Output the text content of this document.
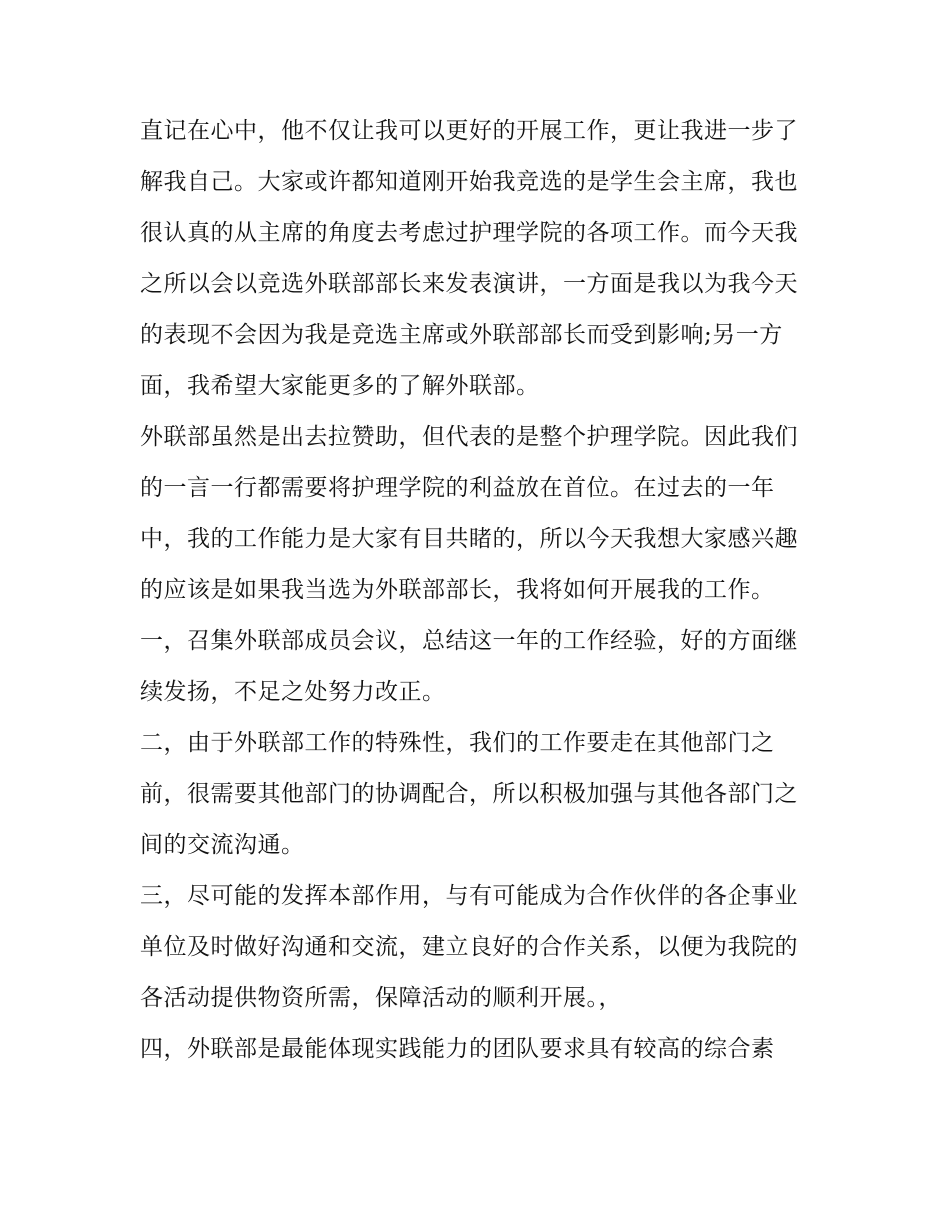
直记在心中，他不仅让我可以更好的开展工作，更让我进一步了解我自己。大家或许都知道刚开始我竞选的是学生会主席，我也很认真的从主席的角度去考虑过护理学院的各项工作。而今天我之所以会以竞选外联部部长来发表演讲，一方面是我以为我今天的表现不会因为我是竞选主席或外联部部长而受到影响;另一方面，我希望大家能更多的了解外联部。

外联部虽然是出去拉赞助，但代表的是整个护理学院。因此我们的一言一行都需要将护理学院的利益放在首位。在过去的一年中，我的工作能力是大家有目共睹的，所以今天我想大家感兴趣的应该是如果我当选为外联部部长，我将如何开展我的工作。

一，召集外联部成员会议，总结这一年的工作经验，好的方面继续发扬，不足之处努力改正。

二，由于外联部工作的特殊性，我们的工作要走在其他部门之前，很需要其他部门的协调配合，所以积极加强与其他各部门之间的交流沟通。

三，尽可能的发挥本部作用，与有可能成为合作伙伴的各企事业单位及时做好沟通和交流，建立良好的合作关系，以便为我院的各活动提供物资所需，保障活动的顺利开展。，

四，外联部是最能体现实践能力的团队要求具有较高的综合素
